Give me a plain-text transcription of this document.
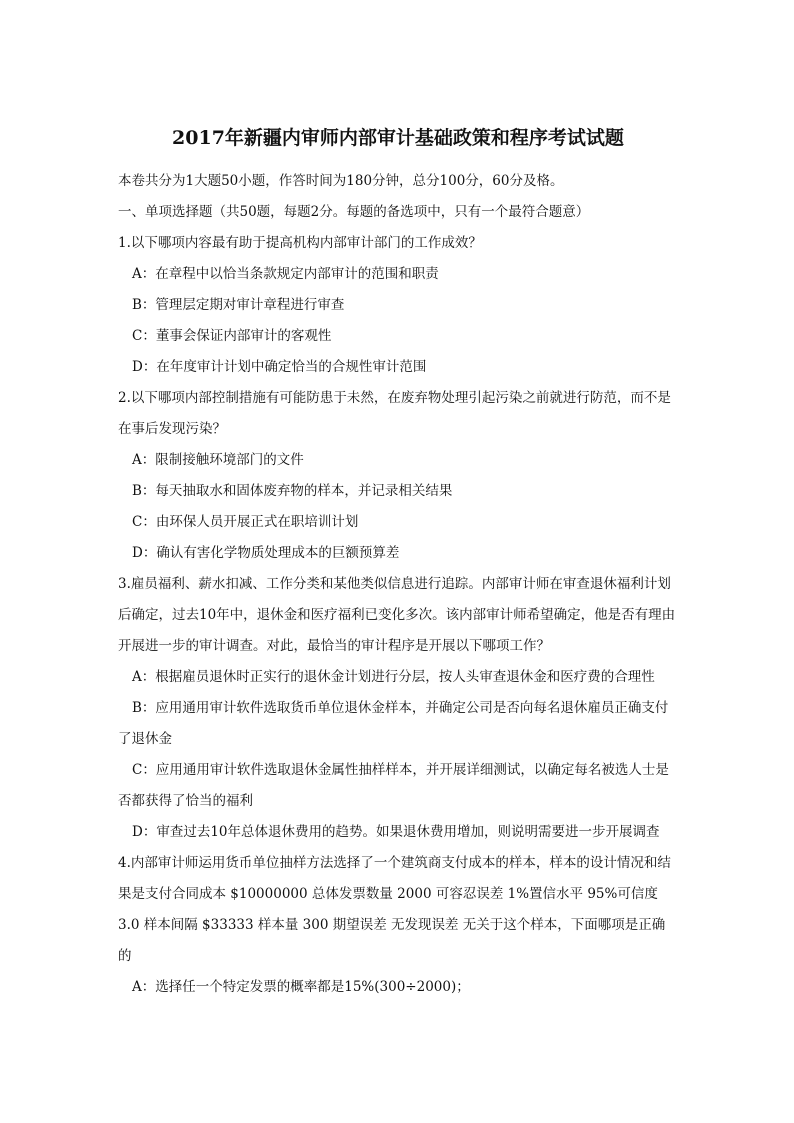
2017年新疆内审师内部审计基础政策和程序考试试题
本卷共分为1大题50小题，作答时间为180分钟，总分100分，60分及格。
一、单项选择题（共50题，每题2分。每题的备选项中，只有一个最符合题意）
1.以下哪项内容最有助于提高机构内部审计部门的工作成效？
A：在章程中以恰当条款规定内部审计的范围和职责
B：管理层定期对审计章程进行审查
C：董事会保证内部审计的客观性
D：在年度审计计划中确定恰当的合规性审计范围
2.以下哪项内部控制措施有可能防患于未然，在废弃物处理引起污染之前就进行防范，而不是在事后发现污染？
A：限制接触环境部门的文件
B：每天抽取水和固体废弃物的样本，并记录相关结果
C：由环保人员开展正式在职培训计划
D：确认有害化学物质处理成本的巨额预算差
3.雇员福利、薪水扣减、工作分类和某他类似信息进行追踪。内部审计师在审查退休福利计划后确定，过去10年中，退休金和医疗福利已变化多次。该内部审计师希望确定，他是否有理由开展进一步的审计调查。对此，最恰当的审计程序是开展以下哪项工作？
A：根据雇员退休时正实行的退休金计划进行分层，按人头审查退休金和医疗费的合理性
B：应用通用审计软件选取货币单位退休金样本，并确定公司是否向每名退休雇员正确支付了退休金
C：应用通用审计软件选取退休金属性抽样样本，并开展详细测试，以确定每名被选人士是否都获得了恰当的福利
D：审查过去10年总体退休费用的趋势。如果退休费用增加，则说明需要进一步开展调查
4.内部审计师运用货币单位抽样方法选择了一个建筑商支付成本的样本，样本的设计情况和结果是支付合同成本 $10000000 总体发票数量 2000 可容忍误差 1%置信水平 95%可信度 3.0 样本间隔 $33333 样本量 300 期望误差 无发现误差 无关于这个样本，下面哪项是正确的
A：选择任一个特定发票的概率都是15%(300÷2000)；
